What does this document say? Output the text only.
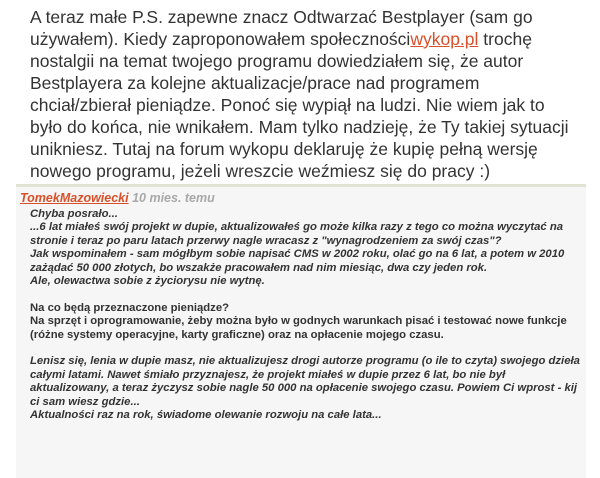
A teraz małe P.S. zapewne znacz Odtwarzać Bestplayer (sam go używałem). Kiedy zaproponowałem społecznościwykop.pl trochę nostalgii na temat twojego programu dowiedziałem się, że autor Bestplayera za kolejne aktualizacje/prace nad programem chciał/zbierał pieniądze. Ponoć się wypiął na ludzi. Nie wiem jak to było do końca, nie wnikałem. Mam tylko nadzieję, że Ty takiej sytuacji unikniesz. Tutaj na forum wykopu deklaruję że kupię pełną wersję nowego programu, jeżeli wreszcie weźmiesz się do pracy :)
TomekMazowiecki 10 mies. temu

Chyba posrało...

...6 lat miałeś swój projekt w dupie, aktualizowałeś go może kilka razy z tego co można wyczytać na stronie i teraz po paru latach przerwy nagle wracasz z "wynagrodzeniem za swój czas"?

Jak wspominałem - sam mógłbym sobie napisać CMS w 2002 roku, olać go na 6 lat, a potem w 2010 zażądać 50 000 złotych, bo wszakże pracowałem nad nim miesiąc, dwa czy jeden rok.

Ale, olewactwa sobie z życiorysu nie wytnę.

Na co będą przeznaczone pieniądze?

Na sprzęt i oprogramowanie, żeby można było w godnych warunkach pisać i testować nowe funkcje (różne systemy operacyjne, karty graficzne) oraz na opłacenie mojego czasu.

Lenisz się, lenia w dupie masz, nie aktualizujesz drogi autorze programu (o ile to czyta) swojego dzieła całymi latami. Nawet śmiało przyznajesz, że projekt miałeś w dupie przez 6 lat, bo nie był aktualizowany, a teraz życzysz sobie nagle 50 000 na opłacenie swojego czasu. Powiem Ci wprost - kij ci sam wiesz gdzie...

Aktualności raz na rok, świadome olewanie rozwoju na całe lata...
